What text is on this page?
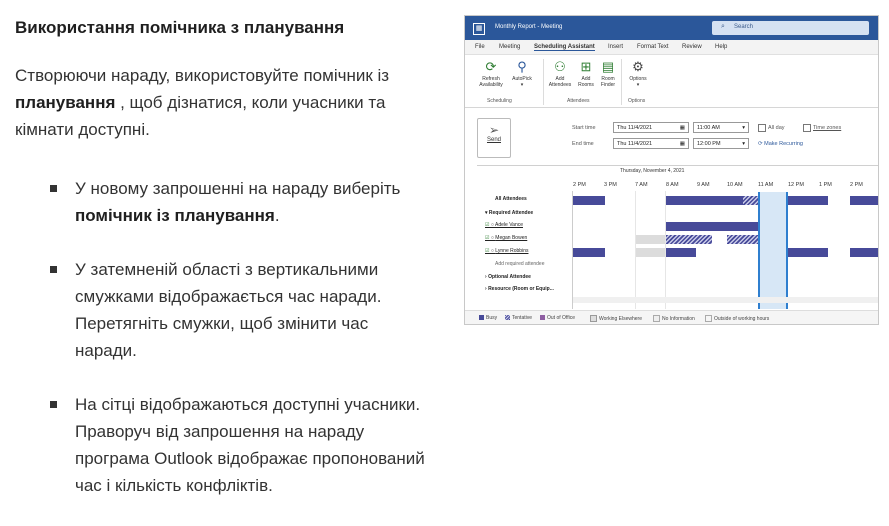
Використання помічника з планування
Створюючи нараду, використовуйте помічник із планування , щоб дізнатися, коли учасники та кімнати доступні.
У новому запрошенні на нараду виберіть помічник із планування.
У затемненій області з вертикальними смужками відображається час наради. Перетягніть смужки, щоб змінити час наради.
На сітці відображаються доступні учасники. Праворуч від запрошення на нараду програма Outlook відображає пропонований час і кількість конфліктів.
▦	Monthly Report - Meeting	⌕ Search
File Meeting Scheduling Assistant Insert Format Text Review Help
⟳
Refresh
Availability
⚲
AutoPick
▾
Scheduling
⚇
Add
Attendees
⊞
Add
Rooms
▤
Room
Finder
Attendees
⚙
Options
▾
Options
➢
Send
Start time	Thu 11/4/2021	▦	11:00 AM	▾	All day	Time zones
End time	Thu 11/4/2021	▦	12:00 PM	▾ ⟳ Make Recurring
Thursday, November 4, 2021
2 PM	3 PM	7 AM	8 AM	9 AM	10 AM	11 AM	12 PM	1 PM	2 PM
All Attendees
▾ Required Attendee
☑ ○ Adele Vance
☑ ○ Megan Bowen
☑ ○ Lynne Robbins
Add required attendee
› Optional Attendee
› Resource (Room or Equip...
Busy	Tentative	Out of Office	Working Elsewhere	No Information	Outside of working hours
